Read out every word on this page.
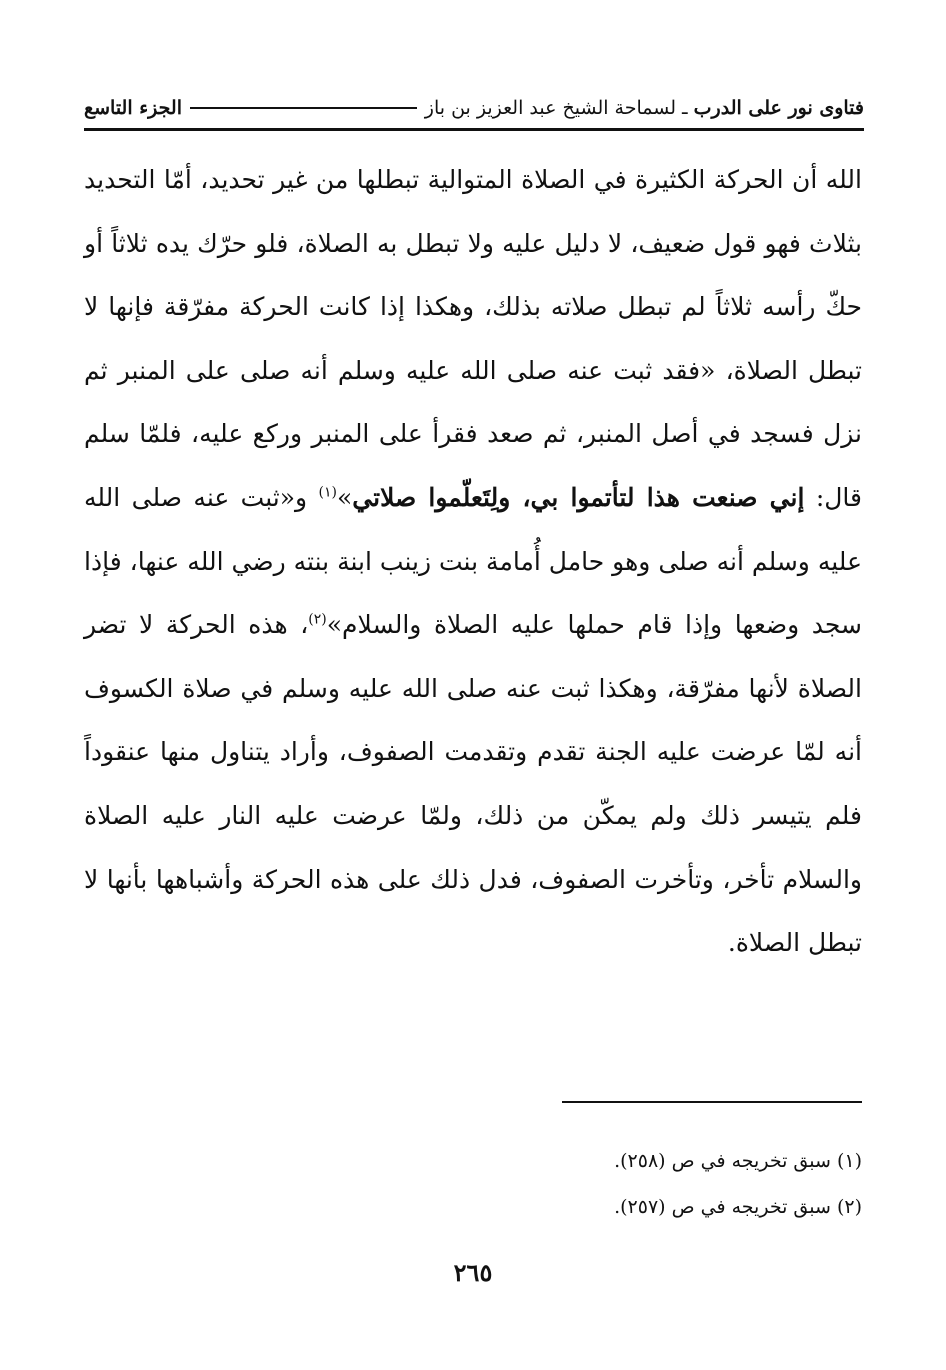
فتاوى نور على الدرب ـ لسماحة الشيخ عبد العزيز بن باز
الجزء التاسع

الله أن الحركة الكثيرة في الصلاة المتوالية تبطلها من غير تحديد، أمّا التحديد بثلاث فهو قول ضعيف، لا دليل عليه ولا تبطل به الصلاة، فلو حرّك يده ثلاثاً أو حكّ رأسه ثلاثاً لم تبطل صلاته بذلك، وهكذا إذا كانت الحركة مفرّقة فإنها لا تبطل الصلاة، «فقد ثبت عنه صلى الله عليه وسلم أنه صلى على المنبر ثم نزل فسجد في أصل المنبر، ثم صعد فقرأ على المنبر وركع عليه، فلمّا سلم قال: إني صنعت هذا لتأتموا بي، ولِتَعلّموا صلاتي»$^{(١)}$ و«ثبت عنه صلى الله عليه وسلم أنه صلى وهو حامل أُمامة بنت زينب ابنة بنته رضي الله عنها، فإذا سجد وضعها وإذا قام حملها عليه الصلاة والسلام»$^{(٢)}$، هذه الحركة لا تضر الصلاة لأنها مفرّقة، وهكذا ثبت عنه صلى الله عليه وسلم في صلاة الكسوف أنه لمّا عرضت عليه الجنة تقدم وتقدمت الصفوف، وأراد يتناول منها عنقوداً فلم يتيسر ذلك ولم يمكّن من ذلك، ولمّا عرضت عليه النار عليه الصلاة والسلام تأخر، وتأخرت الصفوف، فدل ذلك على هذه الحركة وأشباهها بأنها لا تبطل الصلاة.

(١) سبق تخريجه في ص (٢٥٨).
(٢) سبق تخريجه في ص (٢٥٧).
٢٦٥
